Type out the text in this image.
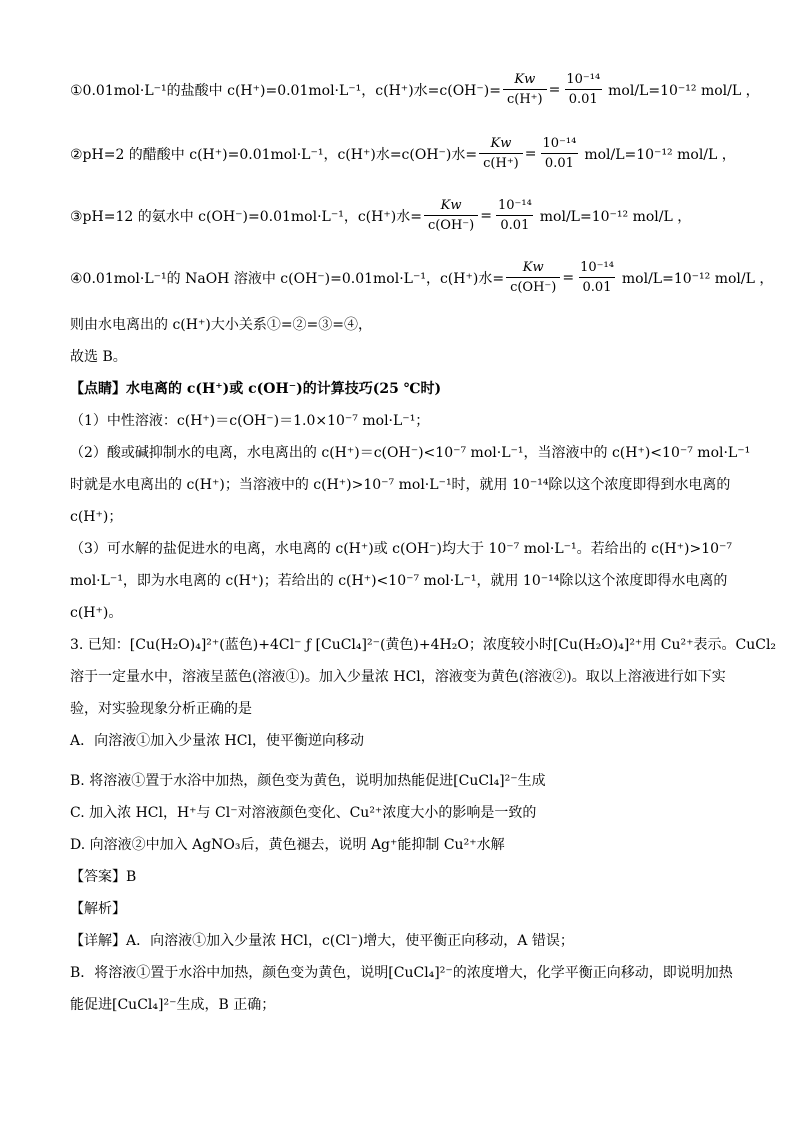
①0.01mol·L⁻¹的盐酸中 c(H⁺)=0.01mol·L⁻¹，c(H⁺)水$=c(OH^-)= \frac{Kw}{c(H^+)} = \frac{\text{10⁻¹⁴}}{0.01} mol/L=10^{-12}$ mol/L ，
②pH=2 的醋酸中 c(H⁺)=0.01mol·L⁻¹，c(H⁺)水=c(OH⁻)水= $\frac{Kw}{c(H^+)} = \frac{\text{10⁻¹⁴}}{0.01} mol/L=10^{-12}$ mol/L ，
③pH=12 的氨水中 c(OH⁻)=0.01mol·L⁻¹，c(H⁺)水= $\frac{Kw}{c(OH^-)} = \frac{\text{10⁻¹⁴}}{0.01} mol/L=10^{-12}$ mol/L ，
④0.01mol·L⁻¹的 NaOH 溶液中 c(OH⁻)=0.01mol·L⁻¹，c(H⁺)水= $\frac{Kw}{c(OH^-)} = \frac{\text{10⁻¹⁴}}{0.01} mol/L=10^{-12}$ mol/L ，
则由水电离出的 c(H⁺)大小关系①=②=③=④，
故选 B。
【点睛】水电离的 c(H⁺)或 c(OH⁻)的计算技巧(25 ℃时)
（1）中性溶液：c(H⁺)＝c(OH⁻)＝1.0×10⁻⁷ mol·L⁻¹；
（2）酸或碱抑制水的电离，水电离出的 c(H⁺)＝c(OH⁻)<10⁻⁷ mol·L⁻¹，当溶液中的 c(H⁺)<10⁻⁷ mol·L⁻¹
时就是水电离出的 c(H⁺)；当溶液中的 c(H⁺)>10⁻⁷ mol·L⁻¹时，就用 10⁻¹⁴除以这个浓度即得到水电离的
c(H⁺)；
（3）可水解的盐促进水的电离，水电离的 c(H⁺)或 c(OH⁻)均大于 10⁻⁷ mol·L⁻¹。若给出的 c(H⁺)>10⁻⁷
mol·L⁻¹，即为水电离的 c(H⁺)；若给出的 c(H⁺)<10⁻⁷ mol·L⁻¹，就用 10⁻¹⁴除以这个浓度即得水电离的
c(H⁺)。
3. 已知：[Cu(H₂O)₄]²⁺(蓝色)+4Cl⁻ ƒ [CuCl₄]²⁻(黄色)+4H₂O；浓度较小时[Cu(H₂O)₄]²⁺用 Cu²⁺表示。CuCl₂
溶于一定量水中，溶液呈蓝色(溶液①)。加入少量浓 HCl，溶液变为黄色(溶液②)。取以上溶液进行如下实
验，对实验现象分析正确的是
A．向溶液①加入少量浓 HCl，使平衡逆向移动
B. 将溶液①置于水浴中加热，颜色变为黄色，说明加热能促进[CuCl₄]²⁻生成
C. 加入浓 HCl，H⁺与 Cl⁻对溶液颜色变化、Cu²⁺浓度大小的影响是一致的
D. 向溶液②中加入 AgNO₃后，黄色褪去，说明 Ag⁺能抑制 Cu²⁺水解
【答案】B
【解析】
【详解】A．向溶液①加入少量浓 HCl，c(Cl⁻)增大，使平衡正向移动，A 错误；
B．将溶液①置于水浴中加热，颜色变为黄色，说明[CuCl₄]²⁻的浓度增大，化学平衡正向移动，即说明加热
能促进[CuCl₄]²⁻生成，B 正确；
